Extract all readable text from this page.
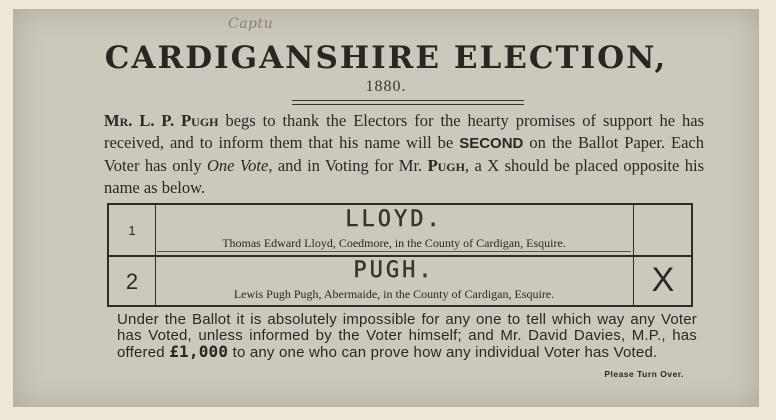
Captu
CARDIGANSHIRE ELECTION,
1880.
Mr. L. P. Pugh begs to thank the Electors for the hearty promises of support he has received, and to inform them that his name will be SECOND on the Ballot Paper. Each Voter has only One Vote, and in Voting for Mr. Pugh, a X should be placed opposite his name as below.
1	LLOYD.
Thomas Edward Lloyd, Coedmore, in the County of Cardigan, Esquire.
2	PUGH.
Lewis Pugh Pugh, Abermaide, in the County of Cardigan, Esquire.	X
Under the Ballot it is absolutely impossible for any one to tell which way any Voter has Voted, unless informed by the Voter himself; and Mr. David Davies, M.P., has offered £1,000 to any one who can prove how any individual Voter has Voted.
Please Turn Over.
